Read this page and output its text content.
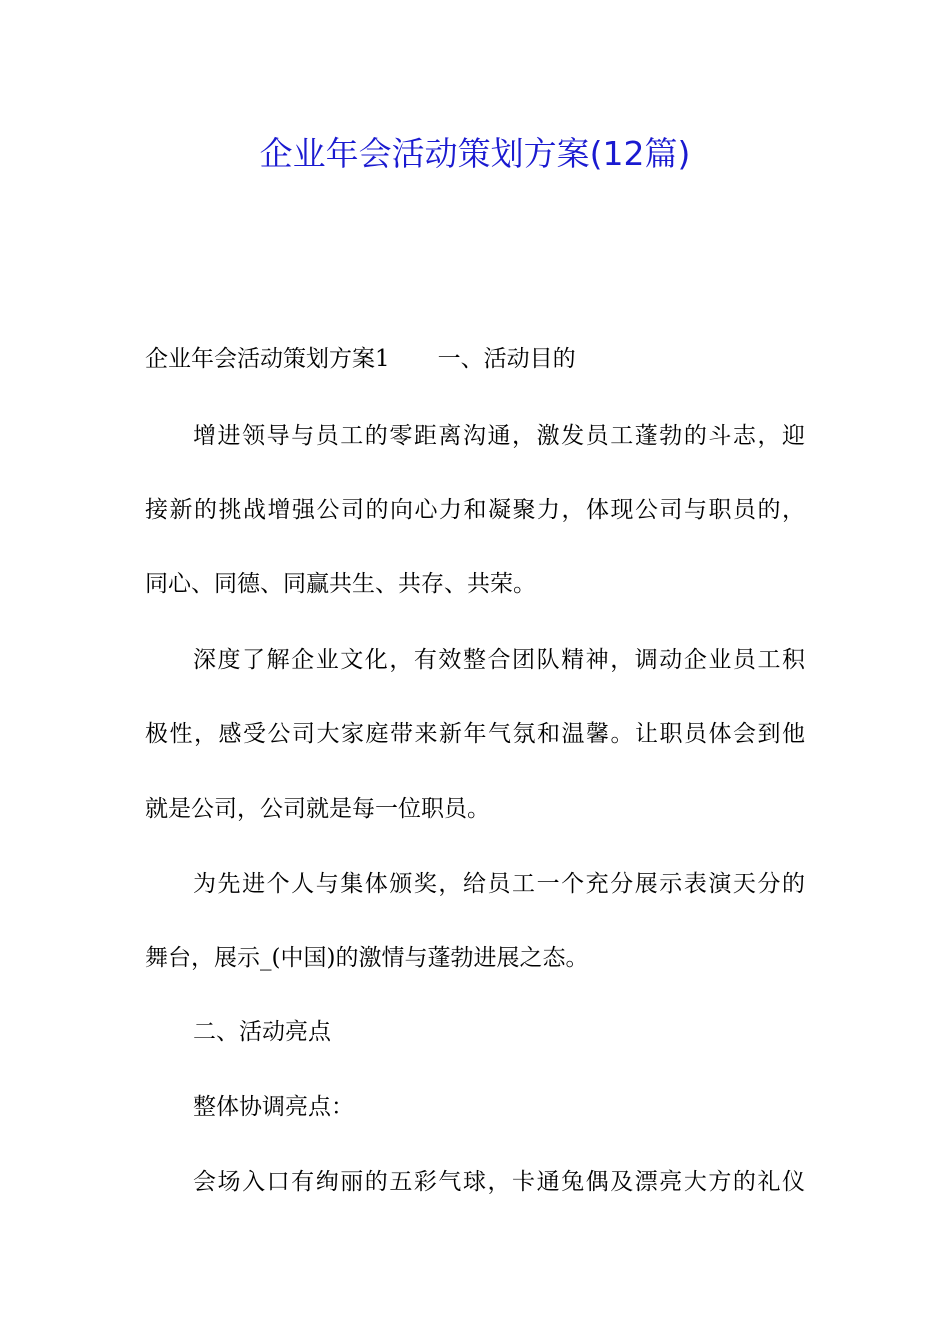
企业年会活动策划方案(12篇)

企业年会活动策划方案1 一、活动目的

增进领导与员工的零距离沟通，激发员工蓬勃的斗志，迎

接新的挑战增强公司的向心力和凝聚力，体现公司与职员的，

同心、同德、同赢共生、共存、共荣。

深度了解企业文化，有效整合团队精神，调动企业员工积

极性，感受公司大家庭带来新年气氛和温馨。让职员体会到他

就是公司，公司就是每一位职员。

为先进个人与集体颁奖，给员工一个充分展示表演天分的

舞台，展示_(中国)的激情与蓬勃进展之态。

二、活动亮点

整体协调亮点：

会场入口有绚丽的五彩气球，卡通兔偶及漂亮大方的礼仪
